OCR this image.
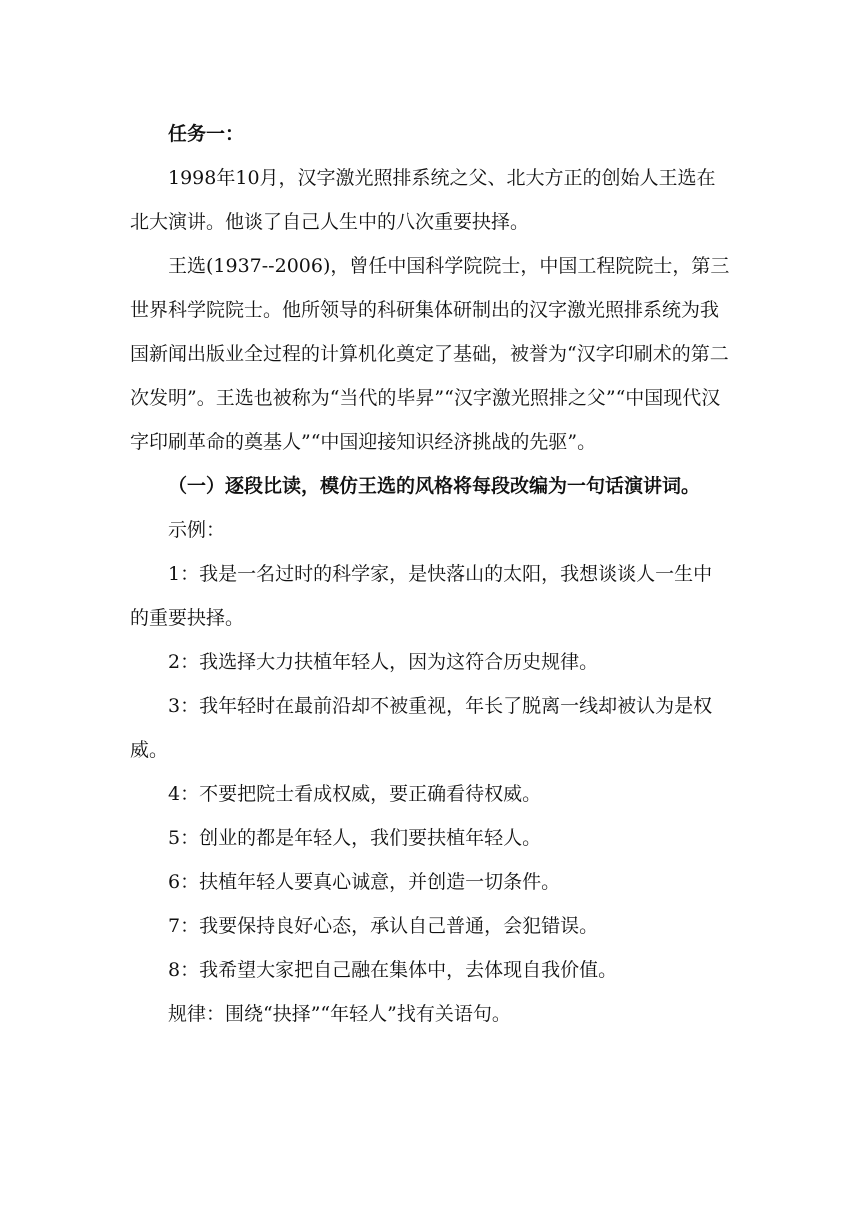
任务一：

1998年10月，汉字激光照排系统之父、北大方正的创始人王选在北大演讲。他谈了自己人生中的八次重要抉择。

王选(1937--2006)，曾任中国科学院院士，中国工程院院士，第三世界科学院院士。他所领导的科研集体研制出的汉字激光照排系统为我国新闻出版业全过程的计算机化奠定了基础，被誉为“汉字印刷术的第二次发明”。王选也被称为“当代的毕昇”“汉字激光照排之父”“中国现代汉字印刷革命的奠基人”“中国迎接知识经济挑战的先驱”。

（一）逐段比读，模仿王选的风格将每段改编为一句话演讲词。

示例：

1：我是一名过时的科学家，是快落山的太阳，我想谈谈人一生中的重要抉择。

2：我选择大力扶植年轻人，因为这符合历史规律。

3：我年轻时在最前沿却不被重视，年长了脱离一线却被认为是权威。

4：不要把院士看成权威，要正确看待权威。

5：创业的都是年轻人，我们要扶植年轻人。

6：扶植年轻人要真心诚意，并创造一切条件。

7：我要保持良好心态，承认自己普通，会犯错误。

8：我希望大家把自己融在集体中，去体现自我价值。

规律：围绕“抉择”“年轻人”找有关语句。
